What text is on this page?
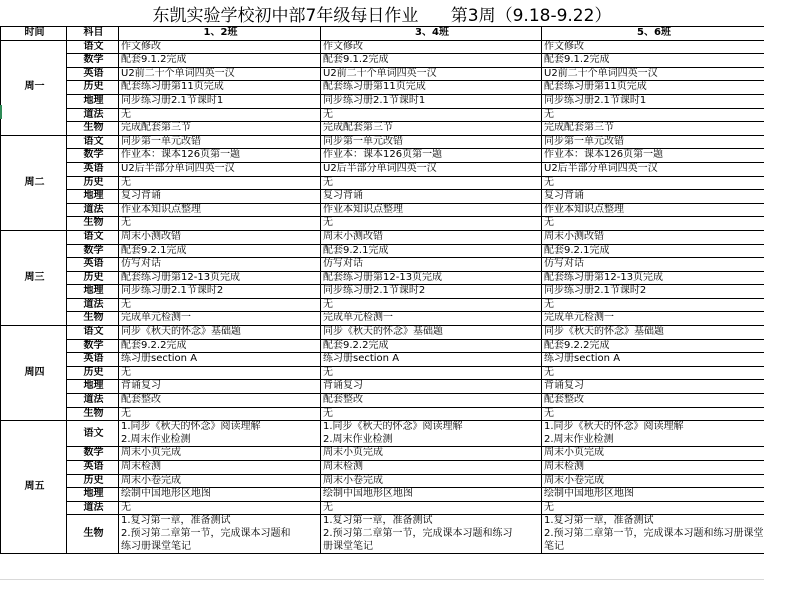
东凯实验学校初中部7年级每日作业      第3周（9.18-9.22）
时间	科目	1、2班	3、4班	5、6班
周一	语文	作文修改	作文修改	作文修改

	数学	配套9.1.2完成	配套9.1.2完成	配套9.1.2完成

	英语	U2前二十个单词四英一汉	U2前二十个单词四英一汉	U2前二十个单词四英一汉

	历史	配套练习册第11页完成	配套练习册第11页完成	配套练习册第11页完成

	地理	同步练习册2.1节课时1	同步练习册2.1节课时1	同步练习册2.1节课时1

	道法	无	无	无

	生物	完成配套第三节	完成配套第三节	完成配套第三节

周二	语文	同步第一单元改错	同步第一单元改错	同步第一单元改错

	数学	作业本：课本126页第一题	作业本：课本126页第一题	作业本：课本126页第一题

	英语	U2后半部分单词四英一汉	U2后半部分单词四英一汉	U2后半部分单词四英一汉

	历史	无	无	无

	地理	复习背诵	复习背诵	复习背诵

	道法	作业本知识点整理	作业本知识点整理	作业本知识点整理

	生物	无	无	无

周三	语文	周末小测改错	周末小测改错	周末小测改错

	数学	配套9.2.1完成	配套9.2.1完成	配套9.2.1完成

	英语	仿写对话	仿写对话	仿写对话

	历史	配套练习册第12-13页完成	配套练习册第12-13页完成	配套练习册第12-13页完成

	地理	同步练习册2.1节课时2	同步练习册2.1节课时2	同步练习册2.1节课时2

	道法	无	无	无

	生物	完成单元检测一	完成单元检测一	完成单元检测一

周四	语文	同步《秋天的怀念》基础题	同步《秋天的怀念》基础题	同步《秋天的怀念》基础题

	数学	配套9.2.2完成	配套9.2.2完成	配套9.2.2完成

	英语	练习册section A	练习册section A	练习册section A

	历史	无	无	无

	地理	背诵复习	背诵复习	背诵复习

	道法	配套整改	配套整改	配套整改

	生物	无	无	无

周五	语文	1.同步《秋天的怀念》阅读理解
2.周末作业检测	1.同步《秋天的怀念》阅读理解
2.周末作业检测	1.同步《秋天的怀念》阅读理解
2.周末作业检测

	数学	周末小页完成	周末小页完成	周末小页完成

	英语	周末检测	周末检测	周末检测

	历史	周末小卷完成	周末小卷完成	周末小卷完成

	地理	绘制中国地形区地图	绘制中国地形区地图	绘制中国地形区地图

	道法	无	无	无

	生物	1.复习第一章，准备测试
2.预习第二章第一节，完成课本习题和
练习册课堂笔记	1.复习第一章，准备测试
2.预习第二章第一节，完成课本习题和练习
册课堂笔记	1.复习第一章，准备测试
2.预习第二章第一节，完成课本习题和练习册课堂
笔记
